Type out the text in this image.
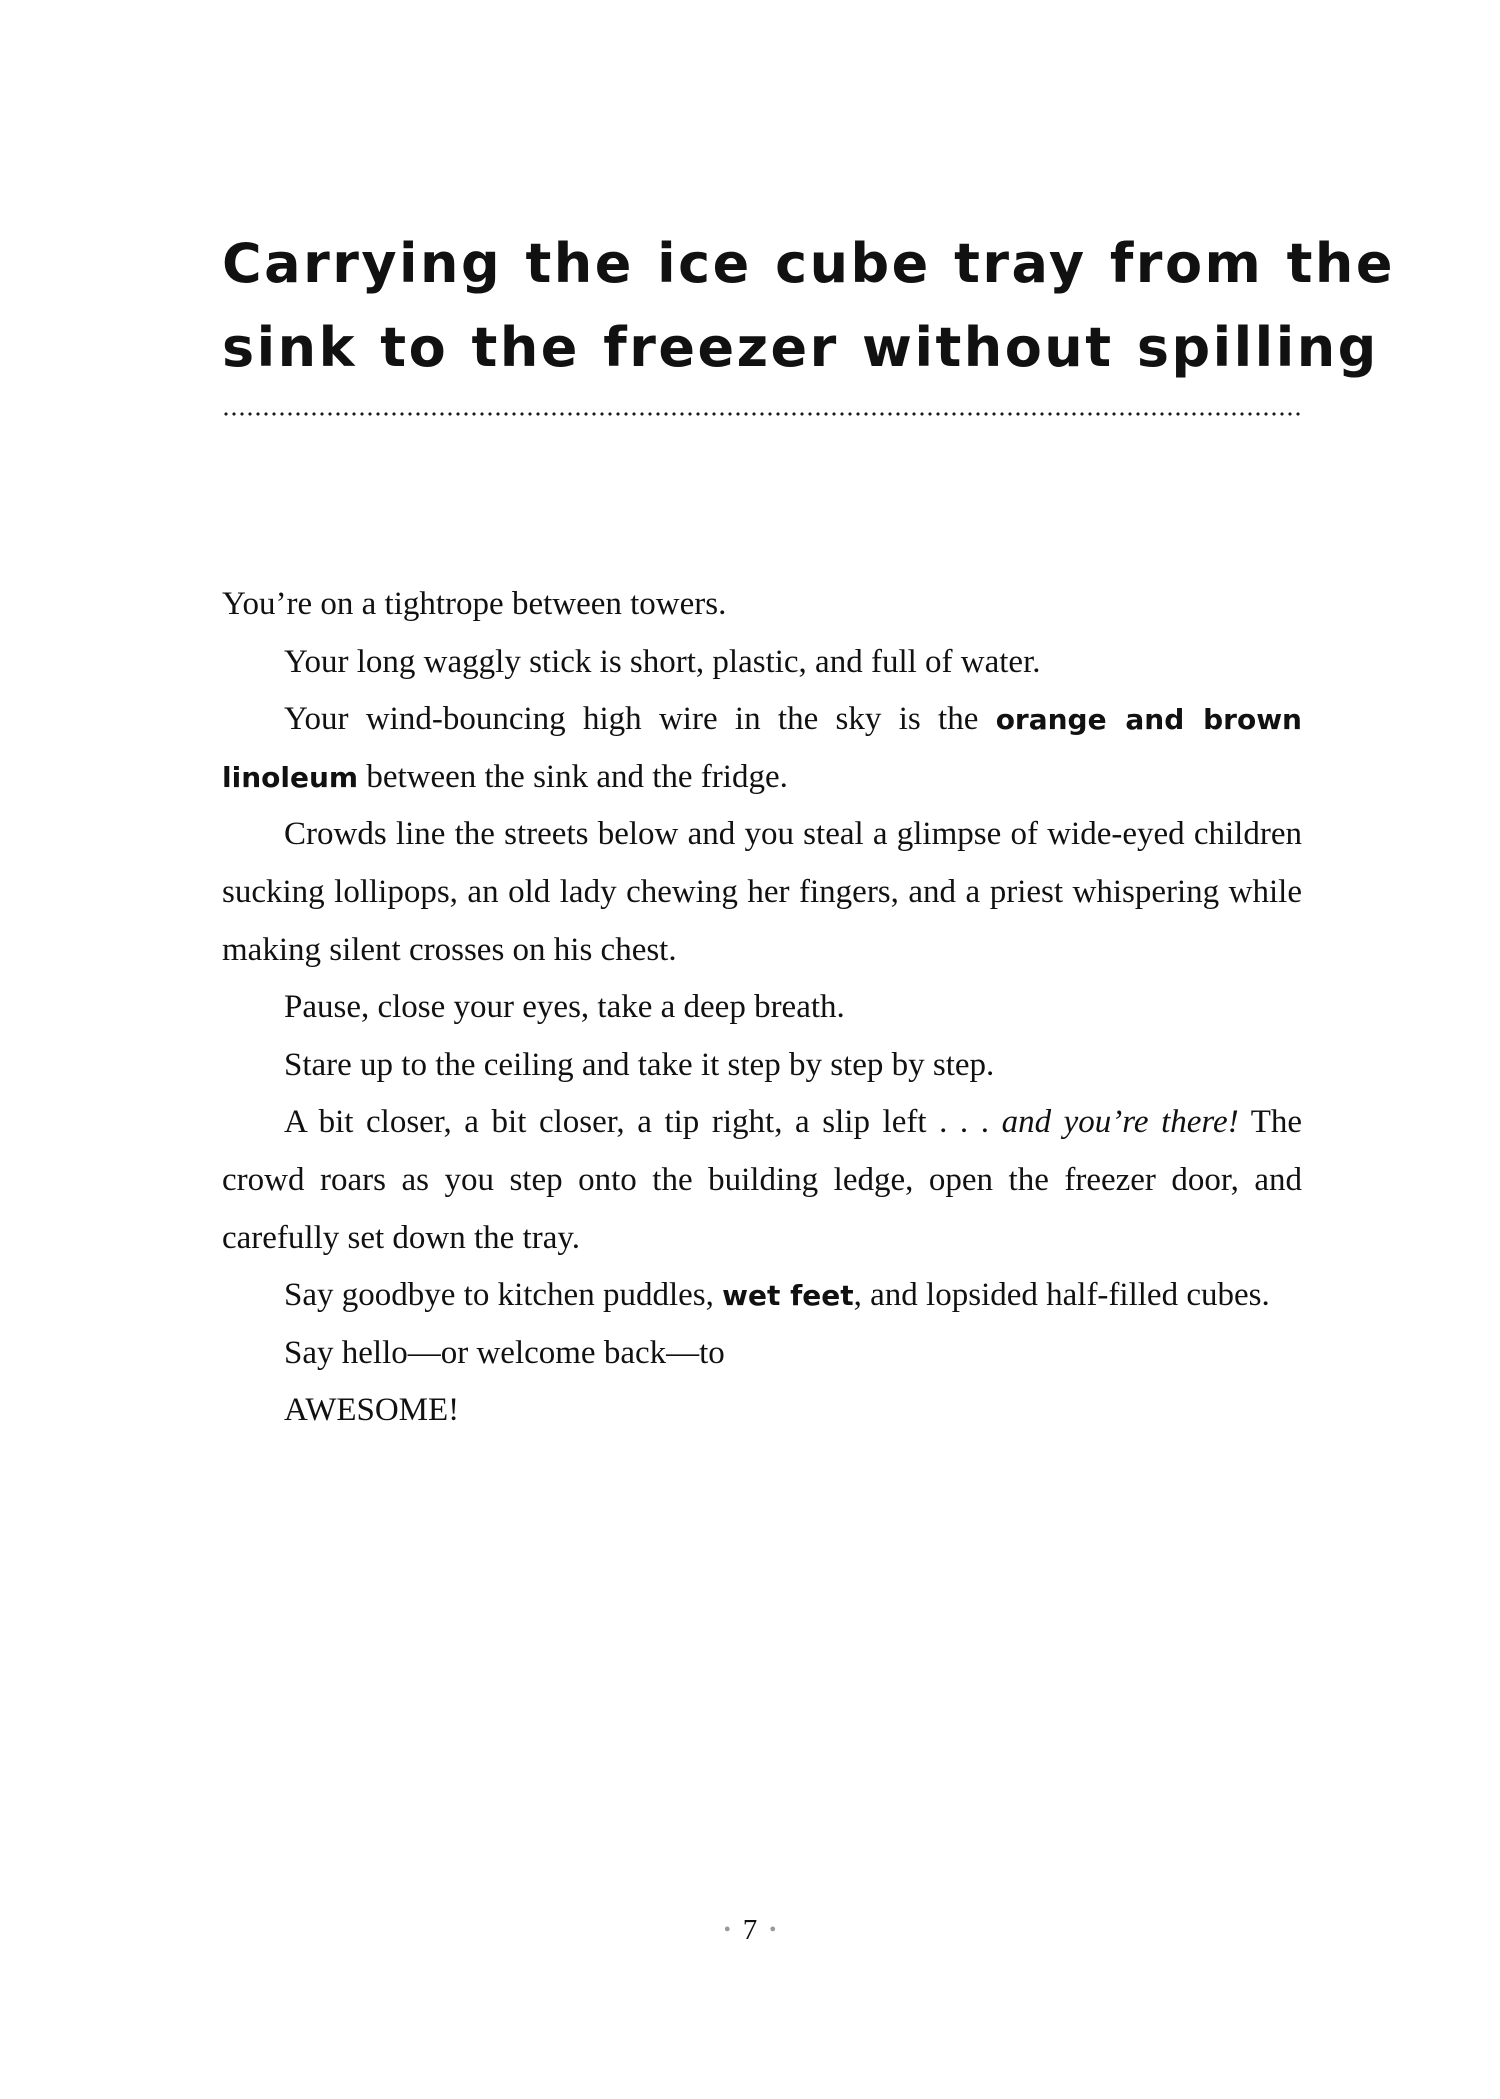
Carrying the ice cube tray from the
sink to the freezer without spilling

You’re on a tightrope between towers.

Your long waggly stick is short, plastic, and full of water.

Your wind-bouncing high wire in the sky is the orange and brown linoleum between the sink and the fridge.

Crowds line the streets below and you steal a glimpse of wide-eyed children sucking lollipops, an old lady chewing her fingers, and a priest whispering while making silent crosses on his chest.

Pause, close your eyes, take a deep breath.

Stare up to the ceiling and take it step by step by step.

A bit closer, a bit closer, a tip right, a slip left . . . and you’re there! The crowd roars as you step onto the building ledge, open the freezer door, and carefully set down the tray.

Say goodbye to kitchen puddles, wet feet, and lopsided half-filled cubes.

Say hello—or welcome back—to

AWESOME!

• 7 •
